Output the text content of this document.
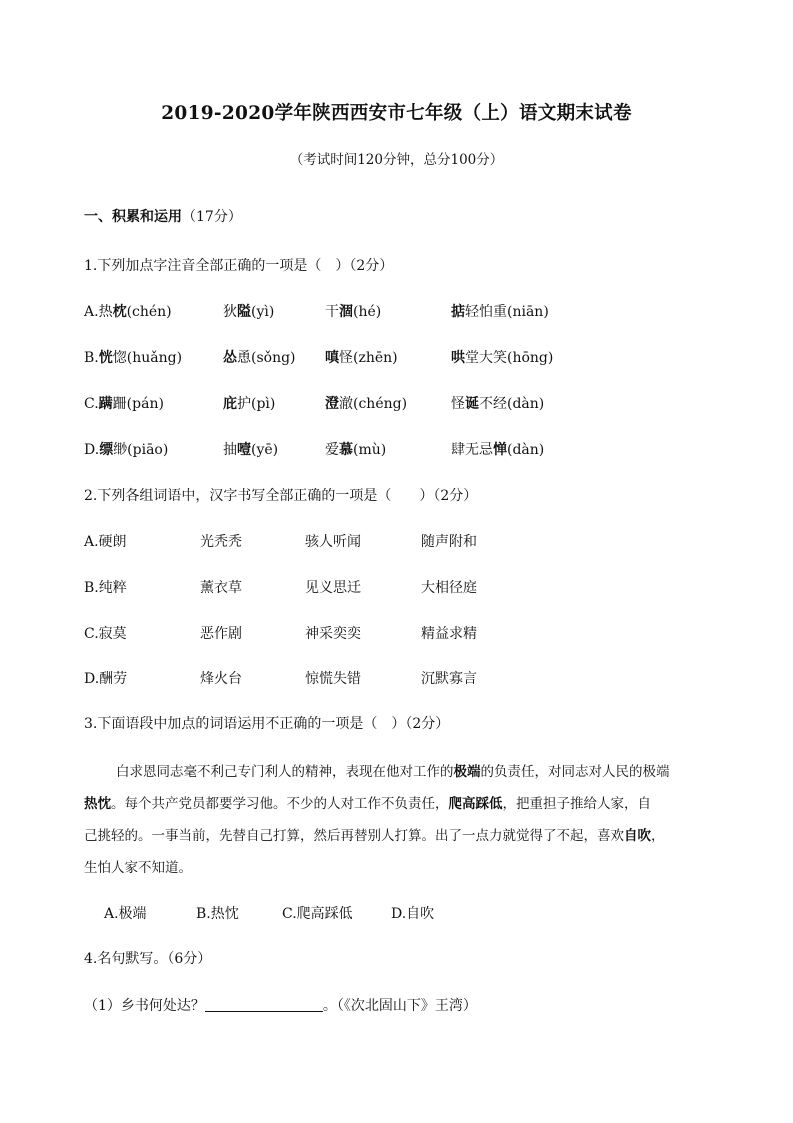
2019-2020学年陕西西安市七年级（上）语文期末试卷
（考试时间120分钟，总分100分）
一、积累和运用（17分）
1.下列加点字注音全部正确的一项是（　）（2分）
A.热枕(chén)	狄隘(yì)	干涸(hé)	掂轻怕重(niān)
B.恍惚(huǎng)	怂恿(sǒng) 嗔怪(zhēn)	哄堂大笑(hōng)
C.蹒跚(pán)	庇护(pì)	澄澈(chéng)	怪诞不经(dàn)
D.缥缈(piāo)	抽噎(yē)	爱慕(mù)	肆无忌惮(dàn)
2.下列各组词语中，汉字书写全部正确的一项是（　　）（2分）
A.硬朗	光秃秃	骇人听闻	随声附和
B.纯粹	薰衣草	见义思迁	大相径庭
C.寂莫	恶作剧	神采奕奕	精益求精
D.酬劳	烽火台	惊慌失错	沉默寡言
3.下面语段中加点的词语运用不正确的一项是（　）（2分）
白求恩同志毫不利己专门利人的精神，表现在他对工作的极端的负责任，对同志对人民的极端
热忱。每个共产党员都要学习他。不少的人对工作不负责任，爬高踩低，把重担子推给人家，自
己挑轻的。一事当前，先替自己打算，然后再替别人打算。出了一点力就觉得了不起，喜欢自吹，
生怕人家不知道。
A.极端	B.热忱	C.爬高踩低	D.自吹
4.名句默写。（6分）
（1）乡书何处达？	。（《次北固山下》王湾）
